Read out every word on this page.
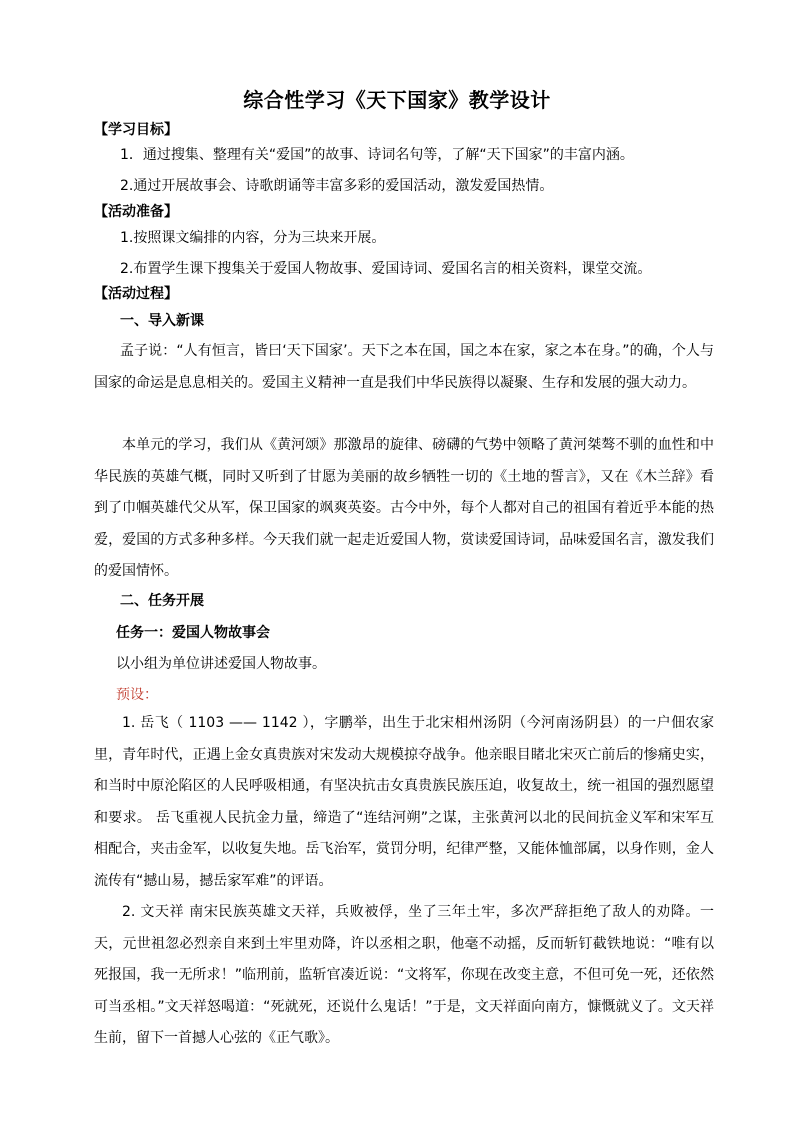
综合性学习《天下国家》教学设计
【学习目标】
1．通过搜集、整理有关“爱国”的故事、诗词名句等，了解“天下国家”的丰富内涵。
2.通过开展故事会、诗歌朗诵等丰富多彩的爱国活动，激发爱国热情。
【活动准备】
1.按照课文编排的内容，分为三块来开展。
2.布置学生课下搜集关于爱国人物故事、爱国诗词、爱国名言的相关资料，课堂交流。
【活动过程】
一、导入新课
孟子说：“人有恒言，皆曰‘天下国家’。天下之本在国，国之本在家，家之本在身。”的确，个人与国家的命运是息息相关的。爱国主义精神一直是我们中华民族得以凝聚、生存和发展的强大动力。
本单元的学习，我们从《黄河颂》那激昂的旋律、磅礴的气势中领略了黄河桀骜不驯的血性和中华民族的英雄气概，同时又听到了甘愿为美丽的故乡牺牲一切的《土地的誓言》，又在《木兰辞》看到了巾帼英雄代父从军，保卫国家的飒爽英姿。古今中外，每个人都对自己的祖国有着近乎本能的热爱，爱国的方式多种多样。今天我们就一起走近爱国人物，赏读爱国诗词，品味爱国名言，激发我们的爱国情怀。
二、任务开展
任务一：爱国人物故事会
以小组为单位讲述爱国人物故事。
预设：
1. 岳飞（ 1103 —— 1142 ），字鹏举，出生于北宋相州汤阴（今河南汤阴县）的一户佃农家里，青年时代，正遇上金女真贵族对宋发动大规模掠夺战争。他亲眼目睹北宋灭亡前后的惨痛史实，和当时中原沦陷区的人民呼吸相通，有坚决抗击女真贵族民族压迫，收复故土，统一祖国的强烈愿望和要求。 岳飞重视人民抗金力量，缔造了“连结河朔”之谋，主张黄河以北的民间抗金义军和宋军互相配合，夹击金军，以收复失地。岳飞治军，赏罚分明，纪律严整，又能体恤部属，以身作则，金人流传有“撼山易，撼岳家军难”的评语。
2. 文天祥 南宋民族英雄文天祥，兵败被俘，坐了三年土牢，多次严辞拒绝了敌人的劝降。一天，元世祖忽必烈亲自来到土牢里劝降，许以丞相之职，他毫不动摇，反而斩钉截铁地说：“唯有以死报国，我一无所求！”临刑前，监斩官凑近说：“文将军，你现在改变主意，不但可免一死，还依然可当丞相。”文天祥怒喝道：“死就死，还说什么鬼话！”于是，文天祥面向南方，慷慨就义了。文天祥生前，留下一首撼人心弦的《正气歌》。
